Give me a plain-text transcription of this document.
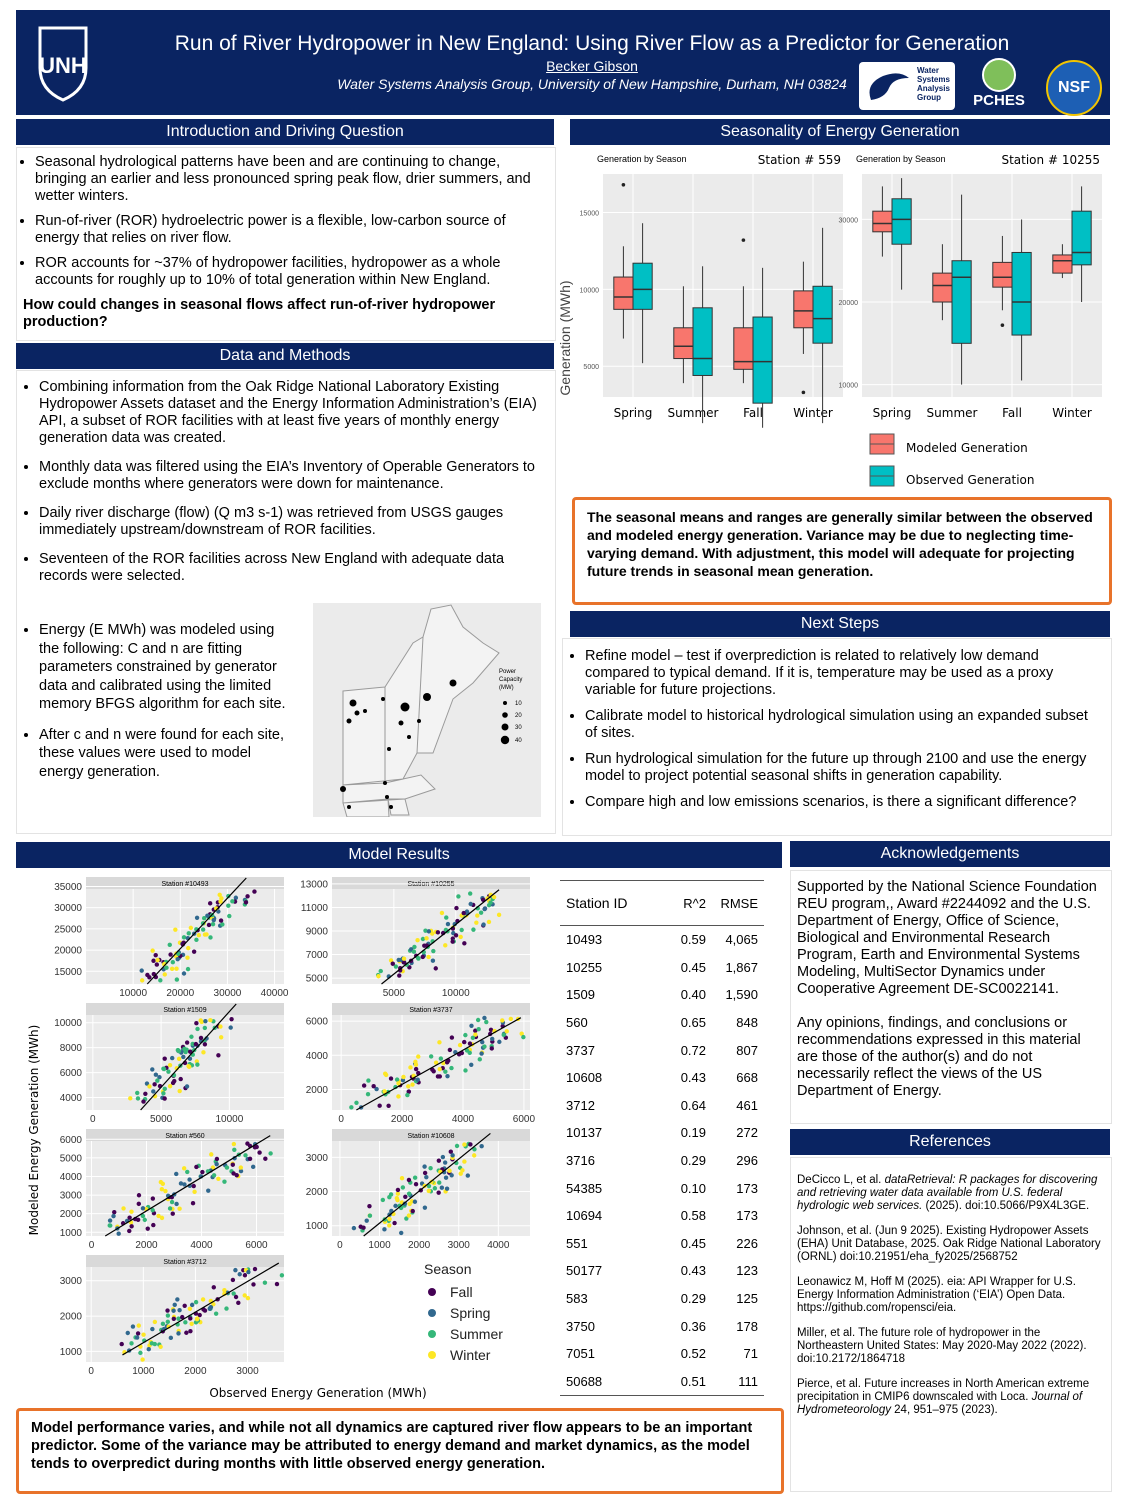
UNH
Run of River Hydropower in New England: Using River Flow as a Predictor for Generation
Becker Gibson
Water Systems Analysis Group, University of New Hampshire, Durham, NH 03824
Water
Systems
Analysis
Group	PCHES
NSF
Introduction and Driving Question
• Seasonal hydrological patterns have been and are continuing to change, bringing an earlier and less pronounced spring peak flow, drier summers, and wetter winters.
• Run-of-river (ROR) hydroelectric power is a flexible, low-carbon source of energy that relies on river flow.
• ROR accounts for ~37% of hydropower facilities, hydropower as a whole accounts for roughly up to 10% of total generation within New England.
How could changes in seasonal flows affect run-of-river hydropower production?
Data and Methods
• Combining information from the Oak Ridge National Laboratory Existing Hydropower Assets dataset and the Energy Information Administration’s (EIA) API, a subset of ROR facilities with at least five years of monthly energy generation data was created.
• Monthly data was filtered using the EIA’s Inventory of Operable Generators to exclude months where generators were down for maintenance.
• Daily river discharge (flow) (Q m3 s-1) was retrieved from USGS gauges immediately upstream/downstream of ROR facilities.
• Seventeen of the ROR facilities across New England with adequate data records were selected.
• Energy (E MWh) was modeled using the following: C and n are fitting parameters constrained by generator data and calibrated using the limited memory BFGS algorithm for each site.
• After c and n were found for each site, these values were used to model energy generation.
Power
Capacity
(MW)
10
20
30
40
Seasonality of Energy Generation
Generation (MWh)
Generation by Season	Station # 559
5000
10000
15000
Spring Summer Fall	Winter
Generation by Season	Station # 10255
10000
20000
30000
Spring Summer Fall	Winter
Modeled Generation
Observed Generation
The seasonal means and ranges are generally similar between the observed and modeled energy generation. Variance may be due to neglecting time-varying demand. With adjustment, this model will adequate for projecting future trends in seasonal mean generation.
Next Steps
• Refine model – test if overprediction is related to relatively low demand compared to typical demand. If it is, temperature may be used as a proxy variable for future projections.
• Calibrate model to historical hydrological simulation using an expanded subset of sites.
• Run hydrological simulation for the future up through 2100 and use the energy model to project potential seasonal shifts in generation capability.
• Compare high and low emissions scenarios, is there a significant difference?
Model Results
Modeled Energy Generation (MWh)
Observed Energy Generation (MWh)
Station #10493
15000
20000
25000
30000
35000
10000 20000 30000 40000
Station #10255
5000
7000
9000
11000
13000
5000	10000
Station #1509
4000
6000
8000
10000
0	5000	10000
Station #3737
2000
4000
6000
0	2000	4000	6000
Station #560
1000
2000
3000
4000
5000
6000
0	2000	4000	6000
Station #10608
1000
2000
3000
0	1000 2000 3000 4000
Station #3712
1000
2000
3000
0	1000	2000	3000
Season
Fall
Spring
Summer
Winter
Station ID	R^2	RMSE
10493	0.59	4,065
10255	0.45	1,867
1509	0.40	1,590
560	0.65	848
3737	0.72	807
10608	0.43	668
3712	0.64	461
10137	0.19	272
3716	0.29	296
54385	0.10	173
10694	0.58	173
551	0.45	226
50177	0.43	123
583	0.29	125
3750	0.36	178
7051	0.52	71
50688	0.51	111
Model performance varies, and while not all dynamics are captured river flow appears to be an important predictor. Some of the variance may be attributed to energy demand and market dynamics, as the model tends to overpredict during months with little observed energy generation.
Acknowledgements
Supported by the National Science Foundation REU program,, Award #2244092 and the U.S. Department of Energy, Office of Science, Biological and Environmental Research Program, Earth and Environmental Systems Modeling, MultiSector Dynamics under Cooperative Agreement DE-SC0022141.
Any opinions, findings, and conclusions or recommendations expressed in this material are those of the author(s) and do not necessarily reflect the views of the US Department of Energy.
References

DeCicco L, et al. dataRetrieval: R packages for discovering and retrieving water data available from U.S. federal hydrologic web services. (2025). doi:10.5066/P9X4L3GE.

Johnson, et al. (Jun 9 2025). Existing Hydropower Assets (EHA) Unit Database, 2025. Oak Ridge National Laboratory (ORNL) doi:10.21951/eha_fy2025/2568752

Leonawicz M, Hoff M (2025). eia: API Wrapper for U.S. Energy Information Administration (‘EIA’) Open Data. https://github.com/ropensci/eia.

Miller, et al. The future role of hydropower in the Northeastern United States: May 2020-May 2022 (2022). doi:10.2172/1864718

Pierce, et al. Future increases in North American extreme precipitation in CMIP6 downscaled with Loca. Journal of Hydrometeorology 24, 951–975 (2023).
